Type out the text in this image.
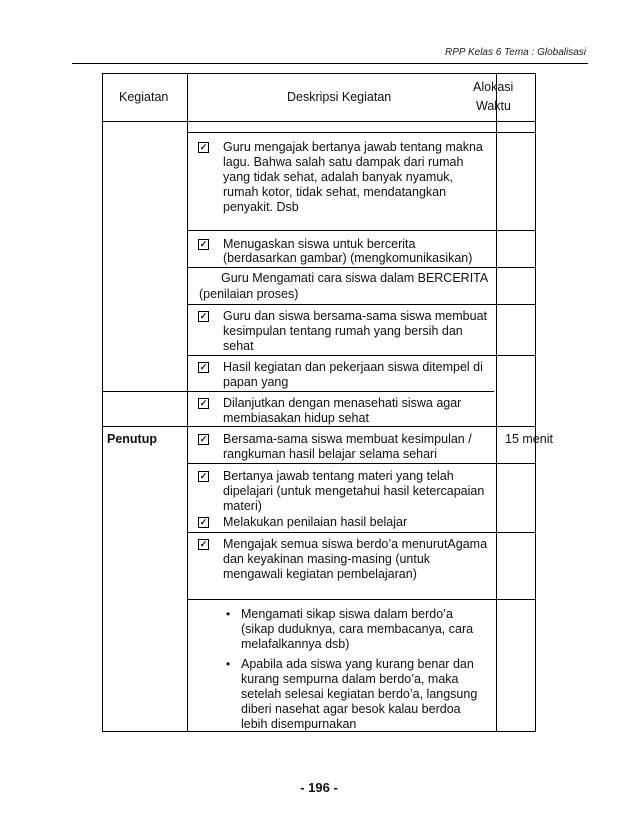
RPP Kelas 6 Tema : Globalisasi
Kegiatan	Deskripsi Kegiatan
Alokasi
Waktu
✓ Guru mengajak bertanya jawab tentang makna
lagu. Bahwa salah satu dampak dari rumah
yang tidak sehat, adalah banyak nyamuk,
rumah kotor, tidak sehat, mendatangkan
penyakit. Dsb
✓ Menugaskan siswa untuk bercerita
(berdasarkan gambar) (mengkomunikasikan)
Guru Mengamati cara siswa dalam BERCERITA
(penilaian proses)
✓ Guru dan siswa bersama-sama siswa membuat
kesimpulan tentang rumah yang bersih dan
sehat
✓ Hasil kegiatan dan pekerjaan siswa ditempel di
papan yang
✓ Dilanjutkan dengan menasehati siswa agar
membiasakan hidup sehat
Penutup	15 menit
✓ Bersama-sama siswa membuat kesimpulan /
rangkuman hasil belajar selama sehari
✓ Bertanya jawab tentang materi yang telah
dipelajari (untuk mengetahui hasil ketercapaian
materi)
✓ Melakukan penilaian hasil belajar
✓ Mengajak semua siswa berdo’a menurutAgama
dan keyakinan masing-masing (untuk
mengawali kegiatan pembelajaran)
• Mengamati sikap siswa dalam berdo’a
(sikap duduknya, cara membacanya, cara
melafalkannya dsb)
• Apabila ada siswa yang kurang benar dan
kurang sempurna dalam berdo’a, maka
setelah selesai kegiatan berdo’a, langsung
diberi nasehat agar besok kalau berdoa
lebih disempurnakan
- 196 -
